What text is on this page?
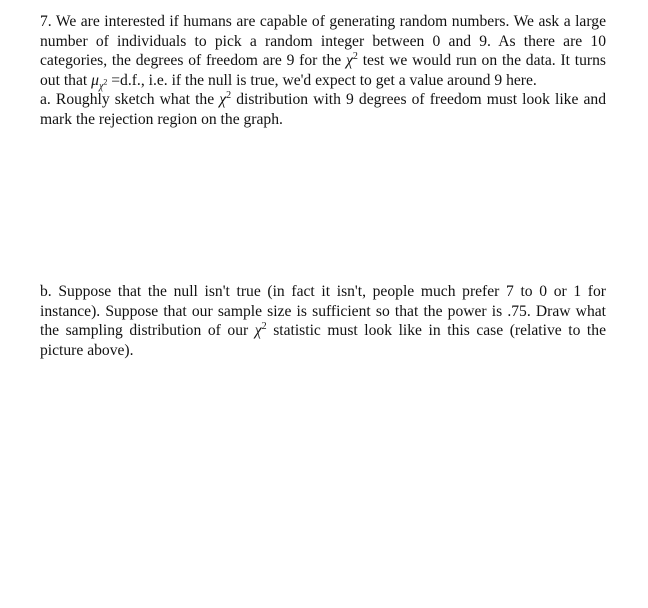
7. We are interested if humans are capable of generating random numbers. We ask a large number of individuals to pick a random integer between 0 and 9. As there are 10 categories, the degrees of freedom are 9 for the $\chi^2$ test we would run on the data. It turns out that $\mu_{\chi^2} =d.f$., i.e. if the null is true, we'd expect to get a value around 9 here.

a. Roughly sketch what the $\chi^2$ distribution with 9 degrees of freedom must look like and mark the rejection region on the graph.

b. Suppose that the null isn't true (in fact it isn't, people much prefer 7 to 0 or 1 for instance). Suppose that our sample size is sufficient so that the power is .75. Draw what the sampling distribution of our $\chi^2$ statistic must look like in this case (relative to the picture above).
